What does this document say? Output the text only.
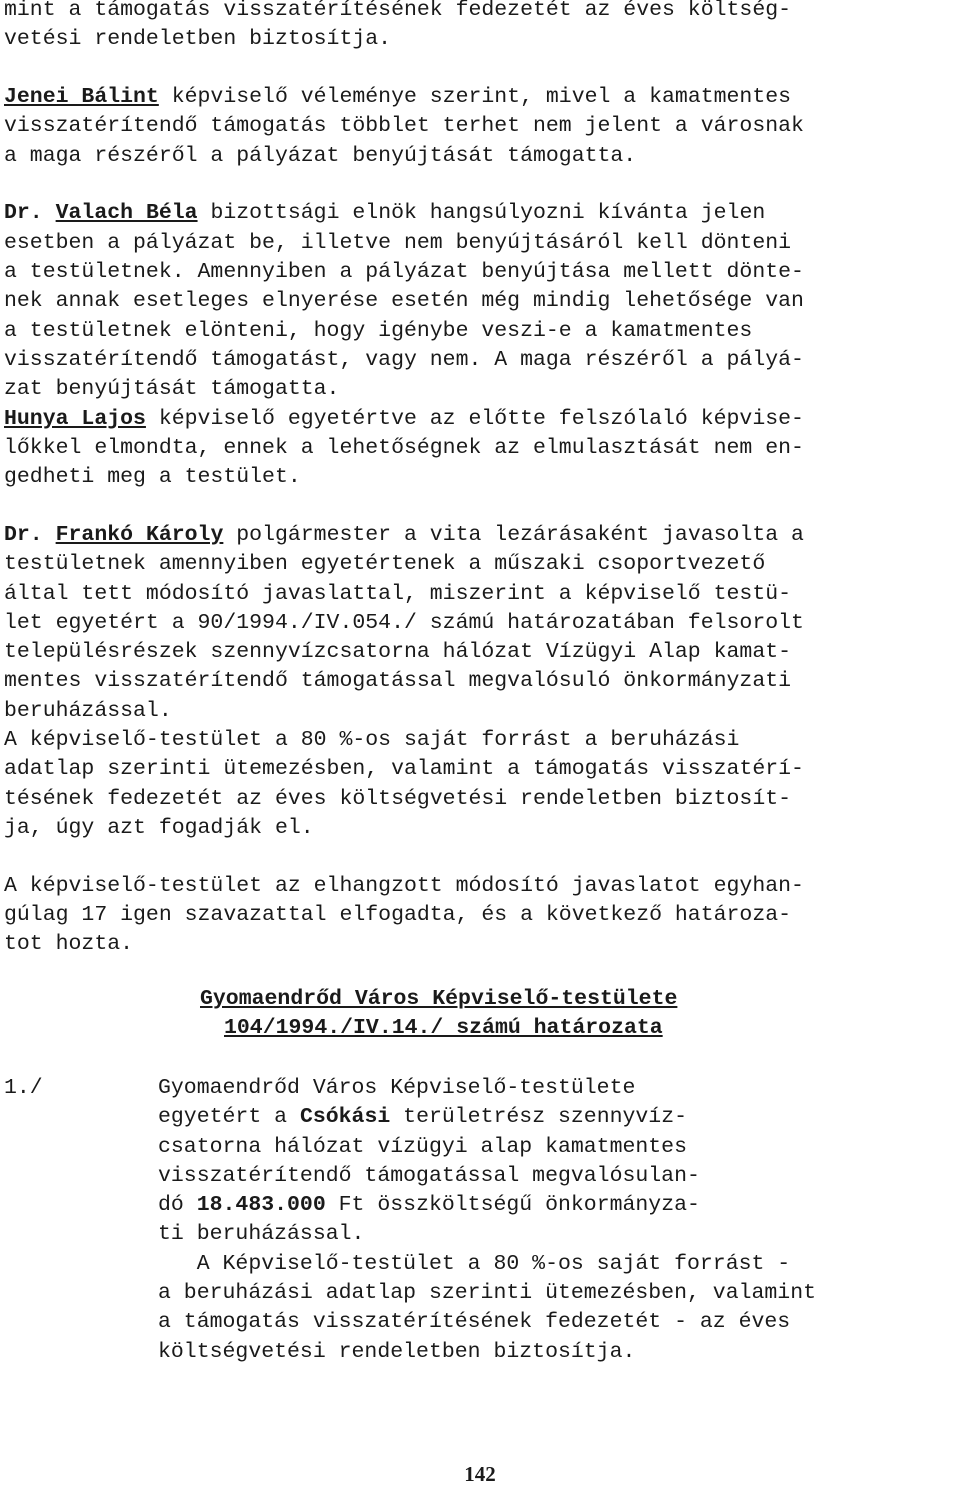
mint a támogatás visszatérítésének fedezetét az éves költség-
vetési rendeletben biztosítja.
Jenei Bálint képviselő véleménye szerint, mivel a kamatmentes
visszatérítendő támogatás többlet terhet nem jelent a városnak
a maga részéről a pályázat benyújtását támogatta.
Dr. Valach Béla bizottsági elnök hangsúlyozni kívánta jelen
esetben a pályázat be, illetve nem benyújtásáról kell dönteni
a testületnek. Amennyiben a pályázat benyújtása mellett dönte-
nek annak esetleges elnyerése esetén még mindig lehetősége van
a testületnek elönteni, hogy igénybe veszi-e a kamatmentes
visszatérítendő támogatást, vagy nem. A maga részéről a pályá-
zat benyújtását támogatta.
Hunya Lajos képviselő egyetértve az előtte felszólaló képvise-
lőkkel elmondta, ennek a lehetőségnek az elmulasztását nem en-
gedheti meg a testület.
Dr. Frankó Károly polgármester a vita lezárásaként javasolta a
testületnek amennyiben egyetértenek a műszaki csoportvezető
által tett módosító javaslattal, miszerint a képviselő testü-
let egyetért a 90/1994./IV.054./ számú határozatában felsorolt
településrészek szennyvízcsatorna hálózat Vízügyi Alap kamat-
mentes visszatérítendő támogatással megvalósuló önkormányzati
beruházással.
A képviselő-testület a 80 %-os saját forrást a beruházási
adatlap szerinti ütemezésben, valamint a támogatás visszatérí-
tésének fedezetét az éves költségvetési rendeletben biztosít-
ja, úgy azt fogadják el.
A képviselő-testület az elhangzott módosító javaslatot egyhan-
gúlag 17 igen szavazattal elfogadta, és a következő határoza-
tot hozta.
Gyomaendrőd Város Képviselő-testülete
104/1994./IV.14./ számú határozata
1./	Gyomaendrőd Város Képviselő-testülete
egyetért a Csókási területrész szennyvíz-
csatorna hálózat vízügyi alap kamatmentes
visszatérítendő támogatással megvalósulan-
dó 18.483.000 Ft összköltségű önkormányza-
ti beruházással.
A Képviselő-testület a 80 %-os saját forrást -
a beruházási adatlap szerinti ütemezésben, valamint
a támogatás visszatérítésének fedezetét - az éves
költségvetési rendeletben biztosítja.
142
